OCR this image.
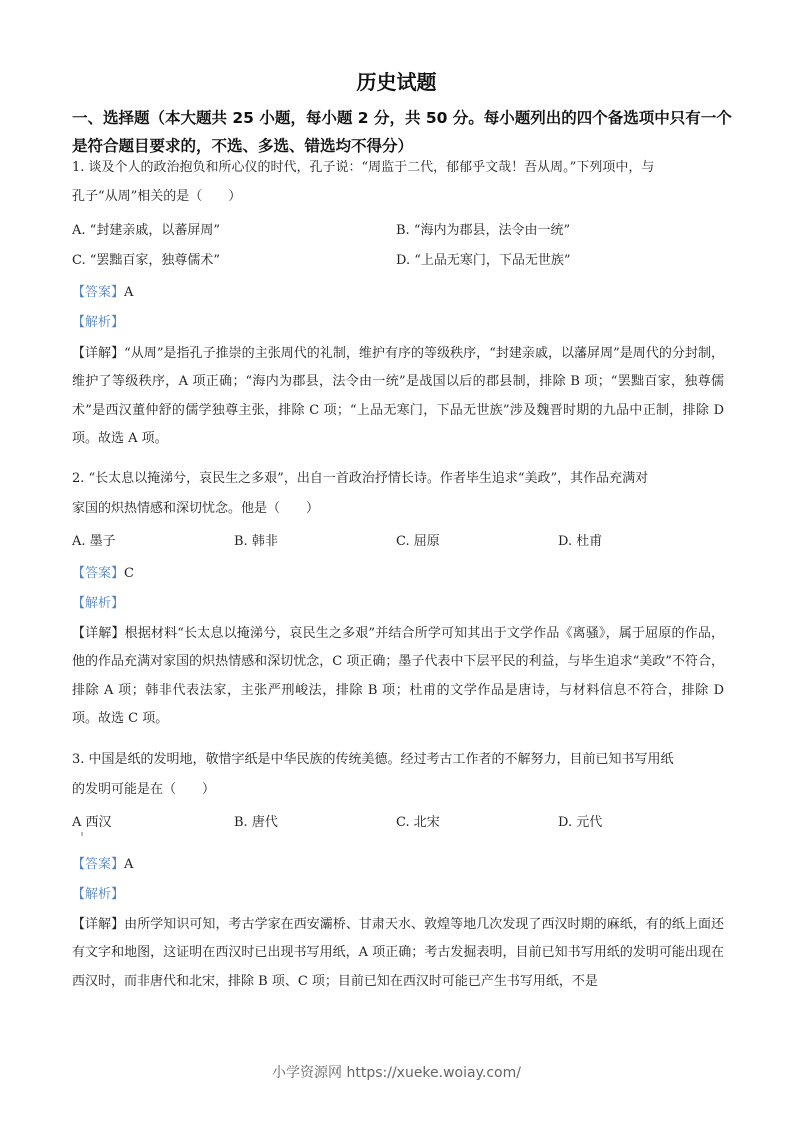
历史试题
一、选择题（本大题共 25 小题，每小题 2 分，共 50 分。每小题列出的四个备选项中只有一个是符合题目要求的，不选、多选、错选均不得分）
1. 谈及个人的政治抱负和所心仪的时代，孔子说：“周监于二代，郁郁乎文哉！吾从周。”下列项中，与
孔子“从周”相关的是（　　）
A. “封建亲戚，以蕃屏周”	B. “海内为郡县，法令由一统”
C. “罢黜百家，独尊儒术”	D. “上品无寒门，下品无世族”
【答案】A
【解析】
【详解】“从周”是指孔子推崇的主张周代的礼制，维护有序的等级秩序，“封建亲戚，以藩屏周”是周代的分封制，维护了等级秩序，A 项正确；“海内为郡县，法令由一统”是战国以后的郡县制，排除 B 项；“罢黜百家，独尊儒术”是西汉董仲舒的儒学独尊主张，排除 C 项；“上品无寒门，下品无世族”涉及魏晋时期的九品中正制，排除 D 项。故选 A 项。
2. “长太息以掩涕兮，哀民生之多艰”，出自一首政治抒情长诗。作者毕生追求“美政”，其作品充满对
家国的炽热情感和深切忧念。他是（　　）
A. 墨子	B. 韩非	C. 屈原	D. 杜甫
【答案】C
【解析】
【详解】根据材料“长太息以掩涕兮，哀民生之多艰”并结合所学可知其出于文学作品《离骚》，属于屈原的作品，他的作品充满对家国的炽热情感和深切忧念，C 项正确；墨子代表中下层平民的利益，与毕生追求“美政”不符合，排除 A 项；韩非代表法家，主张严刑峻法，排除 B 项；杜甫的文学作品是唐诗，与材料信息不符合，排除 D 项。故选 C 项。
3. 中国是纸的发明地，敬惜字纸是中华民族的传统美德。经过考古工作者的不解努力，目前已知书写用纸
的发明可能是在（　　）
A 西汉	B. 唐代	C. 北宋	D. 元代
【答案】A
【解析】
【详解】由所学知识可知，考古学家在西安灞桥、甘肃天水、敦煌等地几次发现了西汉时期的麻纸，有的纸上面还有文字和地图，这证明在西汉时已出现书写用纸，A 项正确；考古发掘表明，目前已知书写用纸的发明可能出现在西汉时，而非唐代和北宋，排除 B 项、C 项；目前已知在西汉时可能已产生书写用纸，不是
小学资源网 https://xueke.woiay.com/
